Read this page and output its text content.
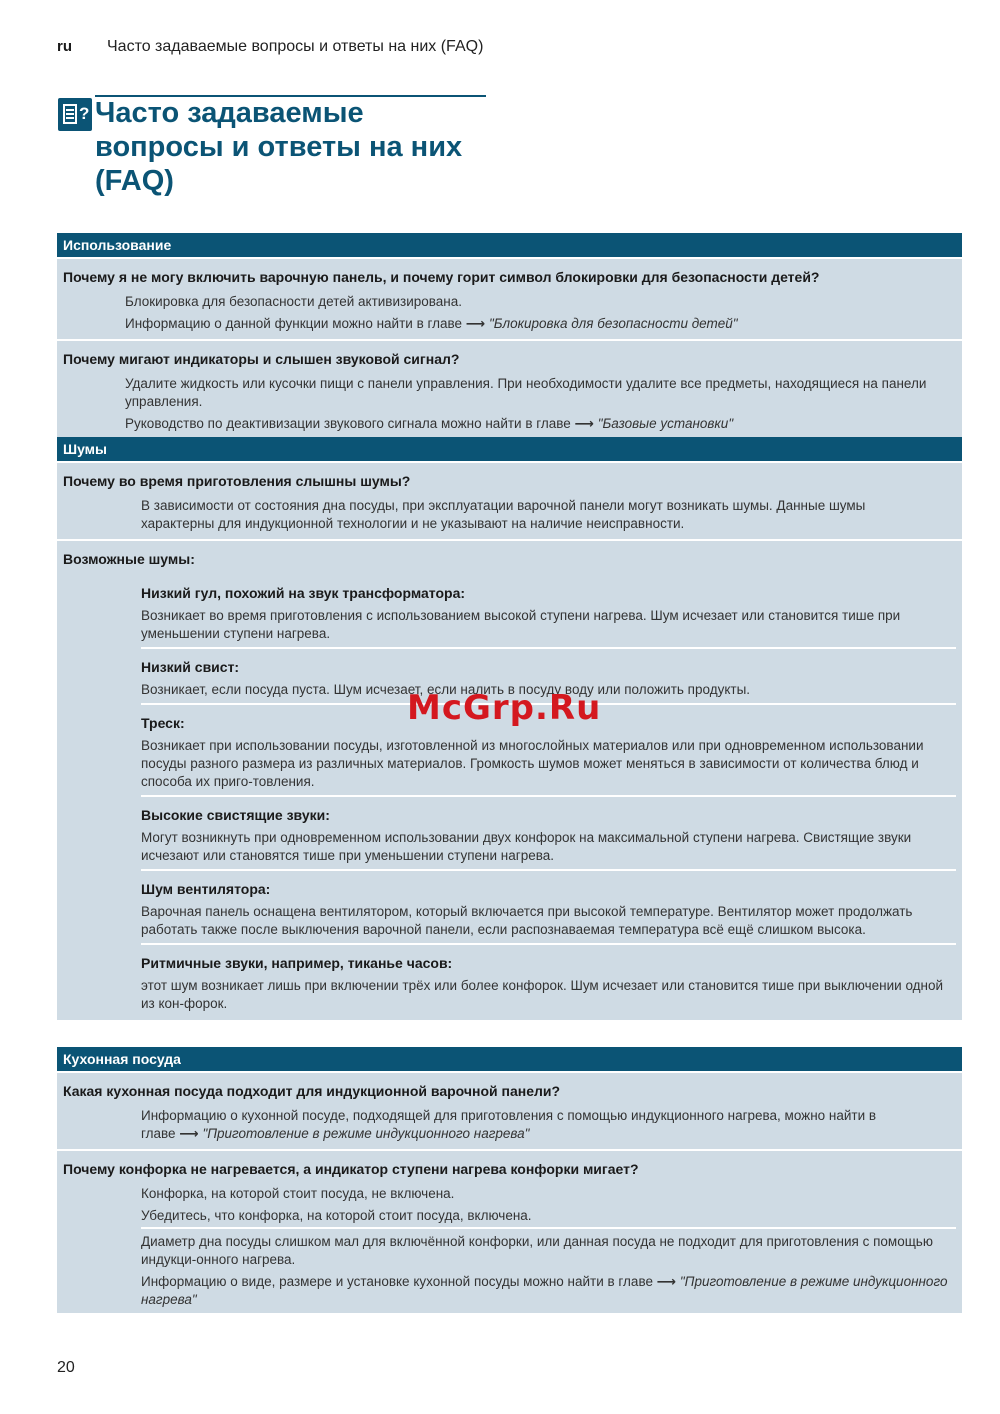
ru	Часто задаваемые вопросы и ответы на них (FAQ)
? Часто задаваемые вопросы и ответы на них (FAQ)
Использование
Почему я не могу включить варочную панель, и почему горит символ блокировки для безопасности детей?
Блокировка для безопасности детей активизирована.
Информацию о данной функции можно найти в главе ⟶ "Блокировка для безопасности детей"
Почему мигают индикаторы и слышен звуковой сигнал?
Удалите жидкость или кусочки пищи с панели управления. При необходимости удалите все предметы, находящиеся на панели управления.
Руководство по деактивизации звукового сигнала можно найти в главе ⟶ "Базовые установки"
Шумы
Почему во время приготовления слышны шумы?
В зависимости от состояния дна посуды, при эксплуатации варочной панели могут возникать шумы. Данные шумы характерны для индукционной технологии и не указывают на наличие неисправности.
Возможные шумы:
Низкий гул, похожий на звук трансформатора:
Возникает во время приготовления с использованием высокой ступени нагрева. Шум исчезает или становится тише при уменьшении ступени нагрева.
Низкий свист:
Возникает, если посуда пуста. Шум исчезает, если налить в посуду воду или положить продукты.
Треск:
Возникает при использовании посуды, изготовленной из многослойных материалов или при одновременном использовании посуды разного размера из различных материалов. Громкость шумов может меняться в зависимости от количества блюд и способа их приго-товления.
Высокие свистящие звуки:
Могут возникнуть при одновременном использовании двух конфорок на максимальной ступени нагрева. Свистящие звуки исчезают или становятся тише при уменьшении ступени нагрева.
Шум вентилятора:
Варочная панель оснащена вентилятором, который включается при высокой температуре. Вентилятор может продолжать работать также после выключения варочной панели, если распознаваемая температура всё ещё слишком высока.
Ритмичные звуки, например, тиканье часов:
этот шум возникает лишь при включении трёх или более конфорок. Шум исчезает или становится тише при выключении одной из кон-форок.
Кухонная посуда
Какая кухонная посуда подходит для индукционной варочной панели?
Информацию о кухонной посуде, подходящей для приготовления с помощью индукционного нагрева, можно найти в главе ⟶ "Приготовление в режиме индукционного нагрева"
Почему конфорка не нагревается, а индикатор ступени нагрева конфорки мигает?
Конфорка, на которой стоит посуда, не включена.
Убедитесь, что конфорка, на которой стоит посуда, включена.
Диаметр дна посуды слишком мал для включённой конфорки, или данная посуда не подходит для приготовления с помощью индукци-онного нагрева.
Информацию о виде, размере и установке кухонной посуды можно найти в главе ⟶ "Приготовление в режиме индукционного нагрева"
McGrp.Ru
20
